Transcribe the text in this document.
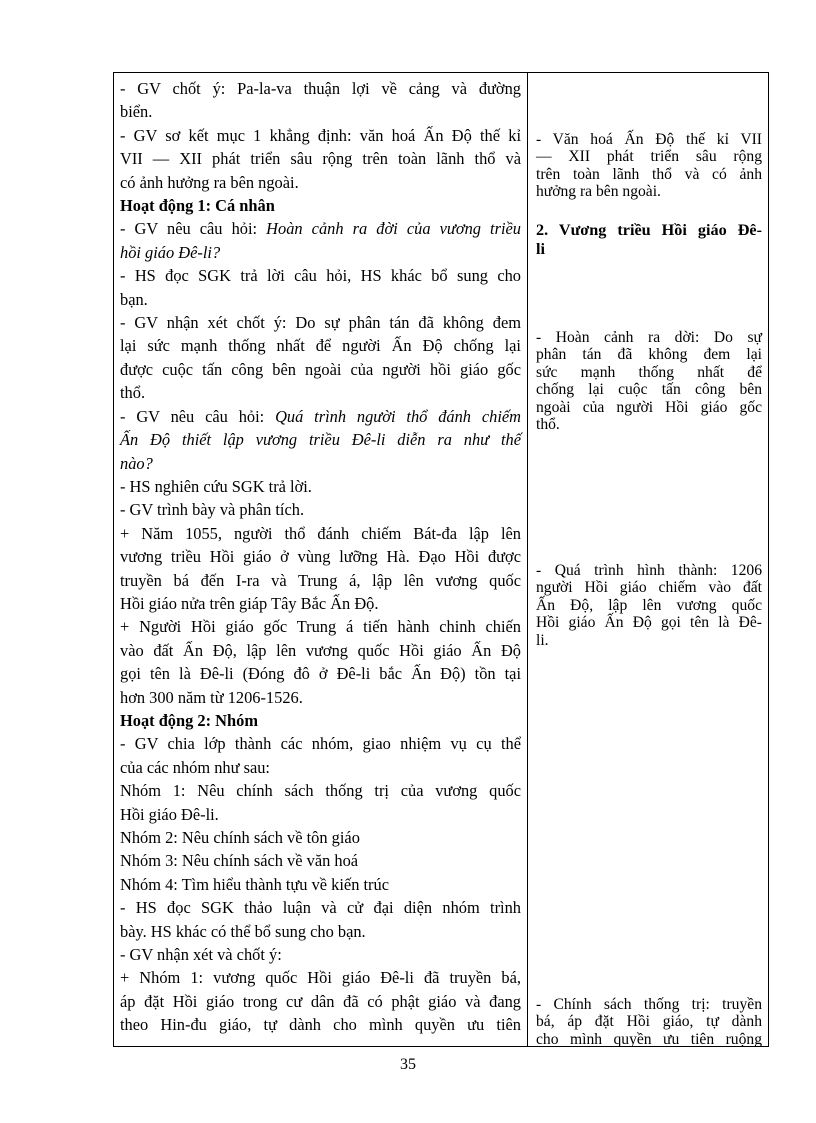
- GV chốt ý: Pa-la-va thuận lợi về cảng và đường
biển.
- GV sơ kết mục 1 khẳng định: văn hoá Ấn Độ thế kỉ
VII — XII phát triển sâu rộng trên toàn lãnh thổ và
có ảnh hưởng ra bên ngoài.
Hoạt động 1: Cá nhân
- GV nêu câu hỏi: Hoàn cảnh ra đời của vương triều
hồi giáo Đê-li?
- HS đọc SGK trả lời câu hỏi, HS khác bổ sung cho
bạn.
- GV nhận xét chốt ý: Do sự phân tán đã không đem
lại sức mạnh thống nhất để người Ấn Độ chống lại
được cuộc tấn công bên ngoài của người hồi giáo gốc
thổ.
- GV nêu câu hỏi: Quá trình người thổ đánh chiếm
Ấn Độ thiết lập vương triều Đê-li diễn ra như thế
nào?
- HS nghiên cứu SGK trả lời.
- GV trình bày và phân tích.
+ Năm 1055, người thổ đánh chiếm Bát-đa lập lên
vương triều Hồi giáo ở vùng lưỡng Hà. Đạo Hồi được
truyền bá đến I-ra và Trung á, lập lên vương quốc
Hồi giáo nửa trên giáp Tây Bắc Ấn Độ.
+ Người Hồi giáo gốc Trung á tiến hành chinh chiến
vào đất Ấn Độ, lập lên vương quốc Hồi giáo Ấn Độ
gọi tên là Đê-li (Đóng đô ở Đê-li bắc Ấn Độ) tồn tại
hơn 300 năm từ 1206-1526.
Hoạt động 2: Nhóm
- GV chia lớp thành các nhóm, giao nhiệm vụ cụ thể
của các nhóm như sau:
Nhóm 1: Nêu chính sách thống trị của vương quốc
Hồi giáo Đê-li.
Nhóm 2: Nêu chính sách về tôn giáo
Nhóm 3: Nêu chính sách về văn hoá
Nhóm 4: Tìm hiểu thành tựu về kiến trúc
- HS đọc SGK thảo luận và cử đại diện nhóm trình
bày. HS khác có thể bổ sung cho bạn.
- GV nhận xét và chốt ý:
+ Nhóm 1: vương quốc Hồi giáo Đê-li đã truyền bá,
áp đặt Hồi giáo trong cư dân đã có phật giáo và đang
theo Hin-đu giáo, tự dành cho mình quyền ưu tiên
- Văn hoá Ấn Độ thế kỉ VII
— XII phát triển sâu rộng
trên toàn lãnh thổ và có ảnh
hưởng ra bên ngoài.
2. Vương triều Hồi giáo Đê-
li
- Hoàn cảnh ra dời: Do sự
phân tán đã không đem lại
sức mạnh thống nhất để
chống lại cuộc tấn công bên
ngoài của người Hồi giáo gốc
thổ.
- Quá trình hình thành: 1206
người Hồi giáo chiếm vào đất
Ấn Độ, lập lên vương quốc
Hồi giáo Ấn Độ gọi tên là Đê-
li.
- Chính sách thống trị: truyền
bá, áp đặt Hồi giáo, tự dành
cho mình quyền ưu tiên ruộng
35
